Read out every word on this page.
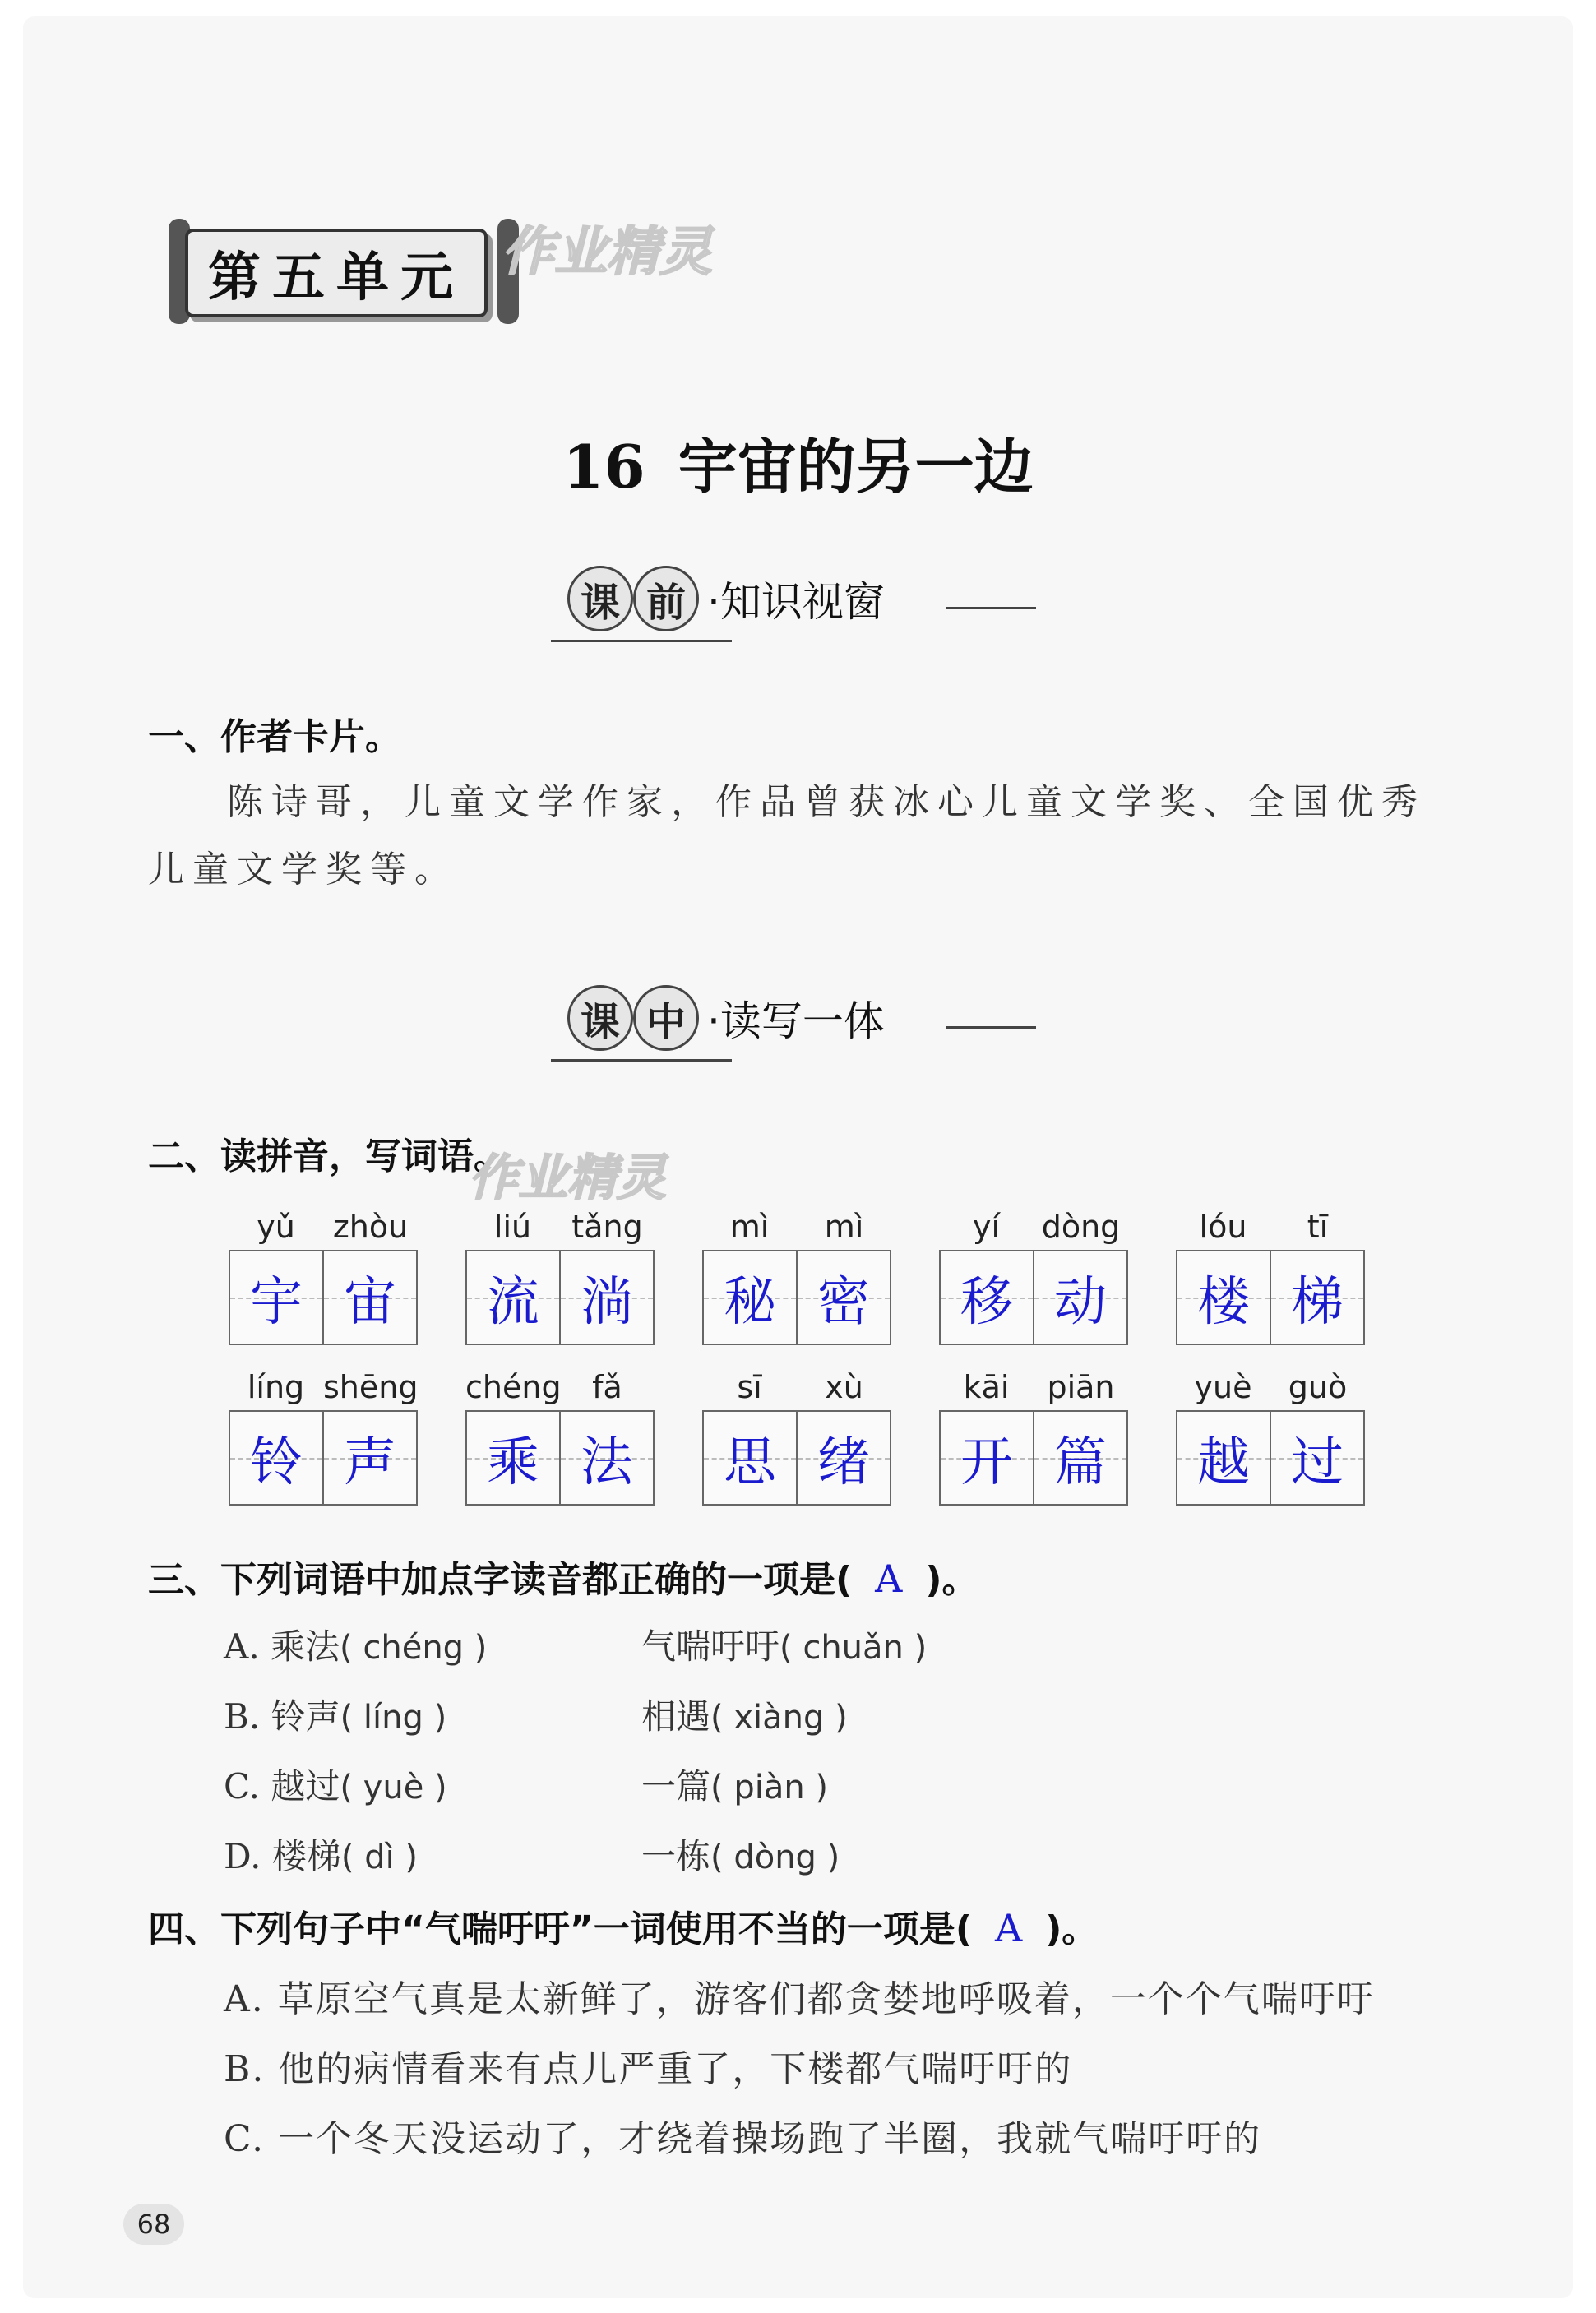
第五单元 作业精灵
16 宇宙的另一边
课 前 ·知识视窗
一、作者卡片。
陈诗哥，儿童文学作家，作品曾获冰心儿童文学奖、全国优秀儿童文学奖等。
课 中 ·读写一体
二、读拼音，写词语。
作业精灵
yǔ	zhòu
宇 宙
liú	tǎng
流 淌
mì	mì
秘 密
yí	dòng
移 动
lóu	tī
楼 梯
líng shēng
铃 声
chéng fǎ
乘 法
sī	xù
思 绪
kāi	piān
开 篇
yuè	guò
越 过
三、下列词语中加点字读音都正确的一项是( A )。
A. 乘法( chéng )	气喘吁吁( chuǎn )
B. 铃声( líng )	相遇( xiàng )
C. 越过( yuè )	一篇( piàn )
D. 楼梯( dì )	一栋( dòng )
四、下列句子中“气喘吁吁”一词使用不当的一项是( A )。
A. 草原空气真是太新鲜了，游客们都贪婪地呼吸着，一个个气喘吁吁
B. 他的病情看来有点儿严重了，下楼都气喘吁吁的
C. 一个冬天没运动了，才绕着操场跑了半圈，我就气喘吁吁的
68
